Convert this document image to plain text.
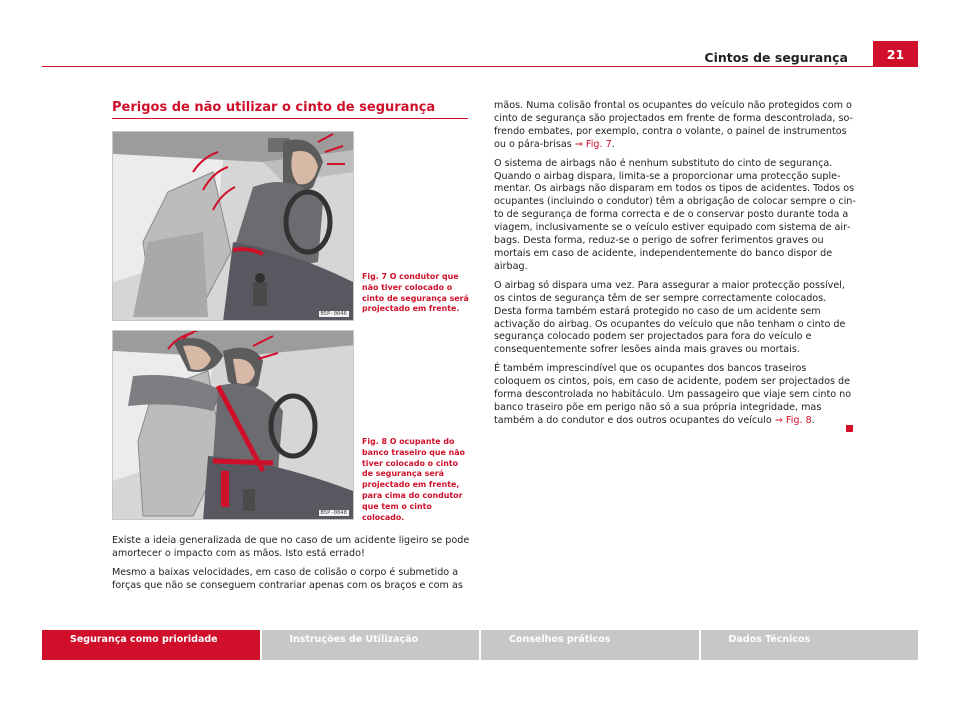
Cintos de segurança	21
Perigos de não utilizar o cinto de segurança
B5P-0046
Fig. 7 O condutor que não tiver colocado o cinto de segurança será projectado em frente.
B5P-0048
Fig. 8 O ocupante do banco traseiro que não tiver colocado o cinto de segurança será projectado em frente, para cima do condutor que tem o cinto colocado.

Existe a ideia generalizada de que no caso de um acidente ligeiro se pode amortecer o impacto com as mãos. Isto está errado!

Mesmo a baixas velocidades, em caso de colisão o corpo é submetido a forças que não se conseguem contrariar apenas com os braços e com as

mãos. Numa colisão frontal os ocupantes do veículo não protegidos com o cinto de segurança são projectados em frente de forma descontrolada, sofrendo embates, por exemplo, contra o volante, o painel de instrumentos ou o pára-brisas ⇒ Fig. 7.

O sistema de airbags não é nenhum substituto do cinto de segurança. Quando o airbag dispara, limita-se a proporcionar uma protecção suplementar. Os airbags não disparam em todos os tipos de acidentes. Todos os ocupantes (incluindo o condutor) têm a obrigação de colocar sempre o cinto de segurança de forma correcta e de o conservar posto durante toda a viagem, inclusivamente se o veículo estiver equipado com sistema de airbags. Desta forma, reduz-se o perigo de sofrer ferimentos graves ou mortais em caso de acidente, independentemente do banco dispor de airbag.

O airbag só dispara uma vez. Para assegurar a maior protecção possível, os cintos de segurança têm de ser sempre correctamente colocados. Desta forma também estará protegido no caso de um acidente sem activação do airbag. Os ocupantes do veículo que não tenham o cinto de segurança colocado podem ser projectados para fora do veículo e consequentemente sofrer lesões ainda mais graves ou mortais.

É também imprescindível que os ocupantes dos bancos traseiros coloquem os cintos, pois, em caso de acidente, podem ser projectados de forma descontrolada no habitáculo. Um passageiro que viaje sem cinto no banco traseiro põe em perigo não só a sua própria integridade, mas também a do condutor e dos outros ocupantes do veículo ⇒ Fig. 8.

Segurança como prioridade	Instruções de Utilização	Conselhos práticos	Dados Técnicos
